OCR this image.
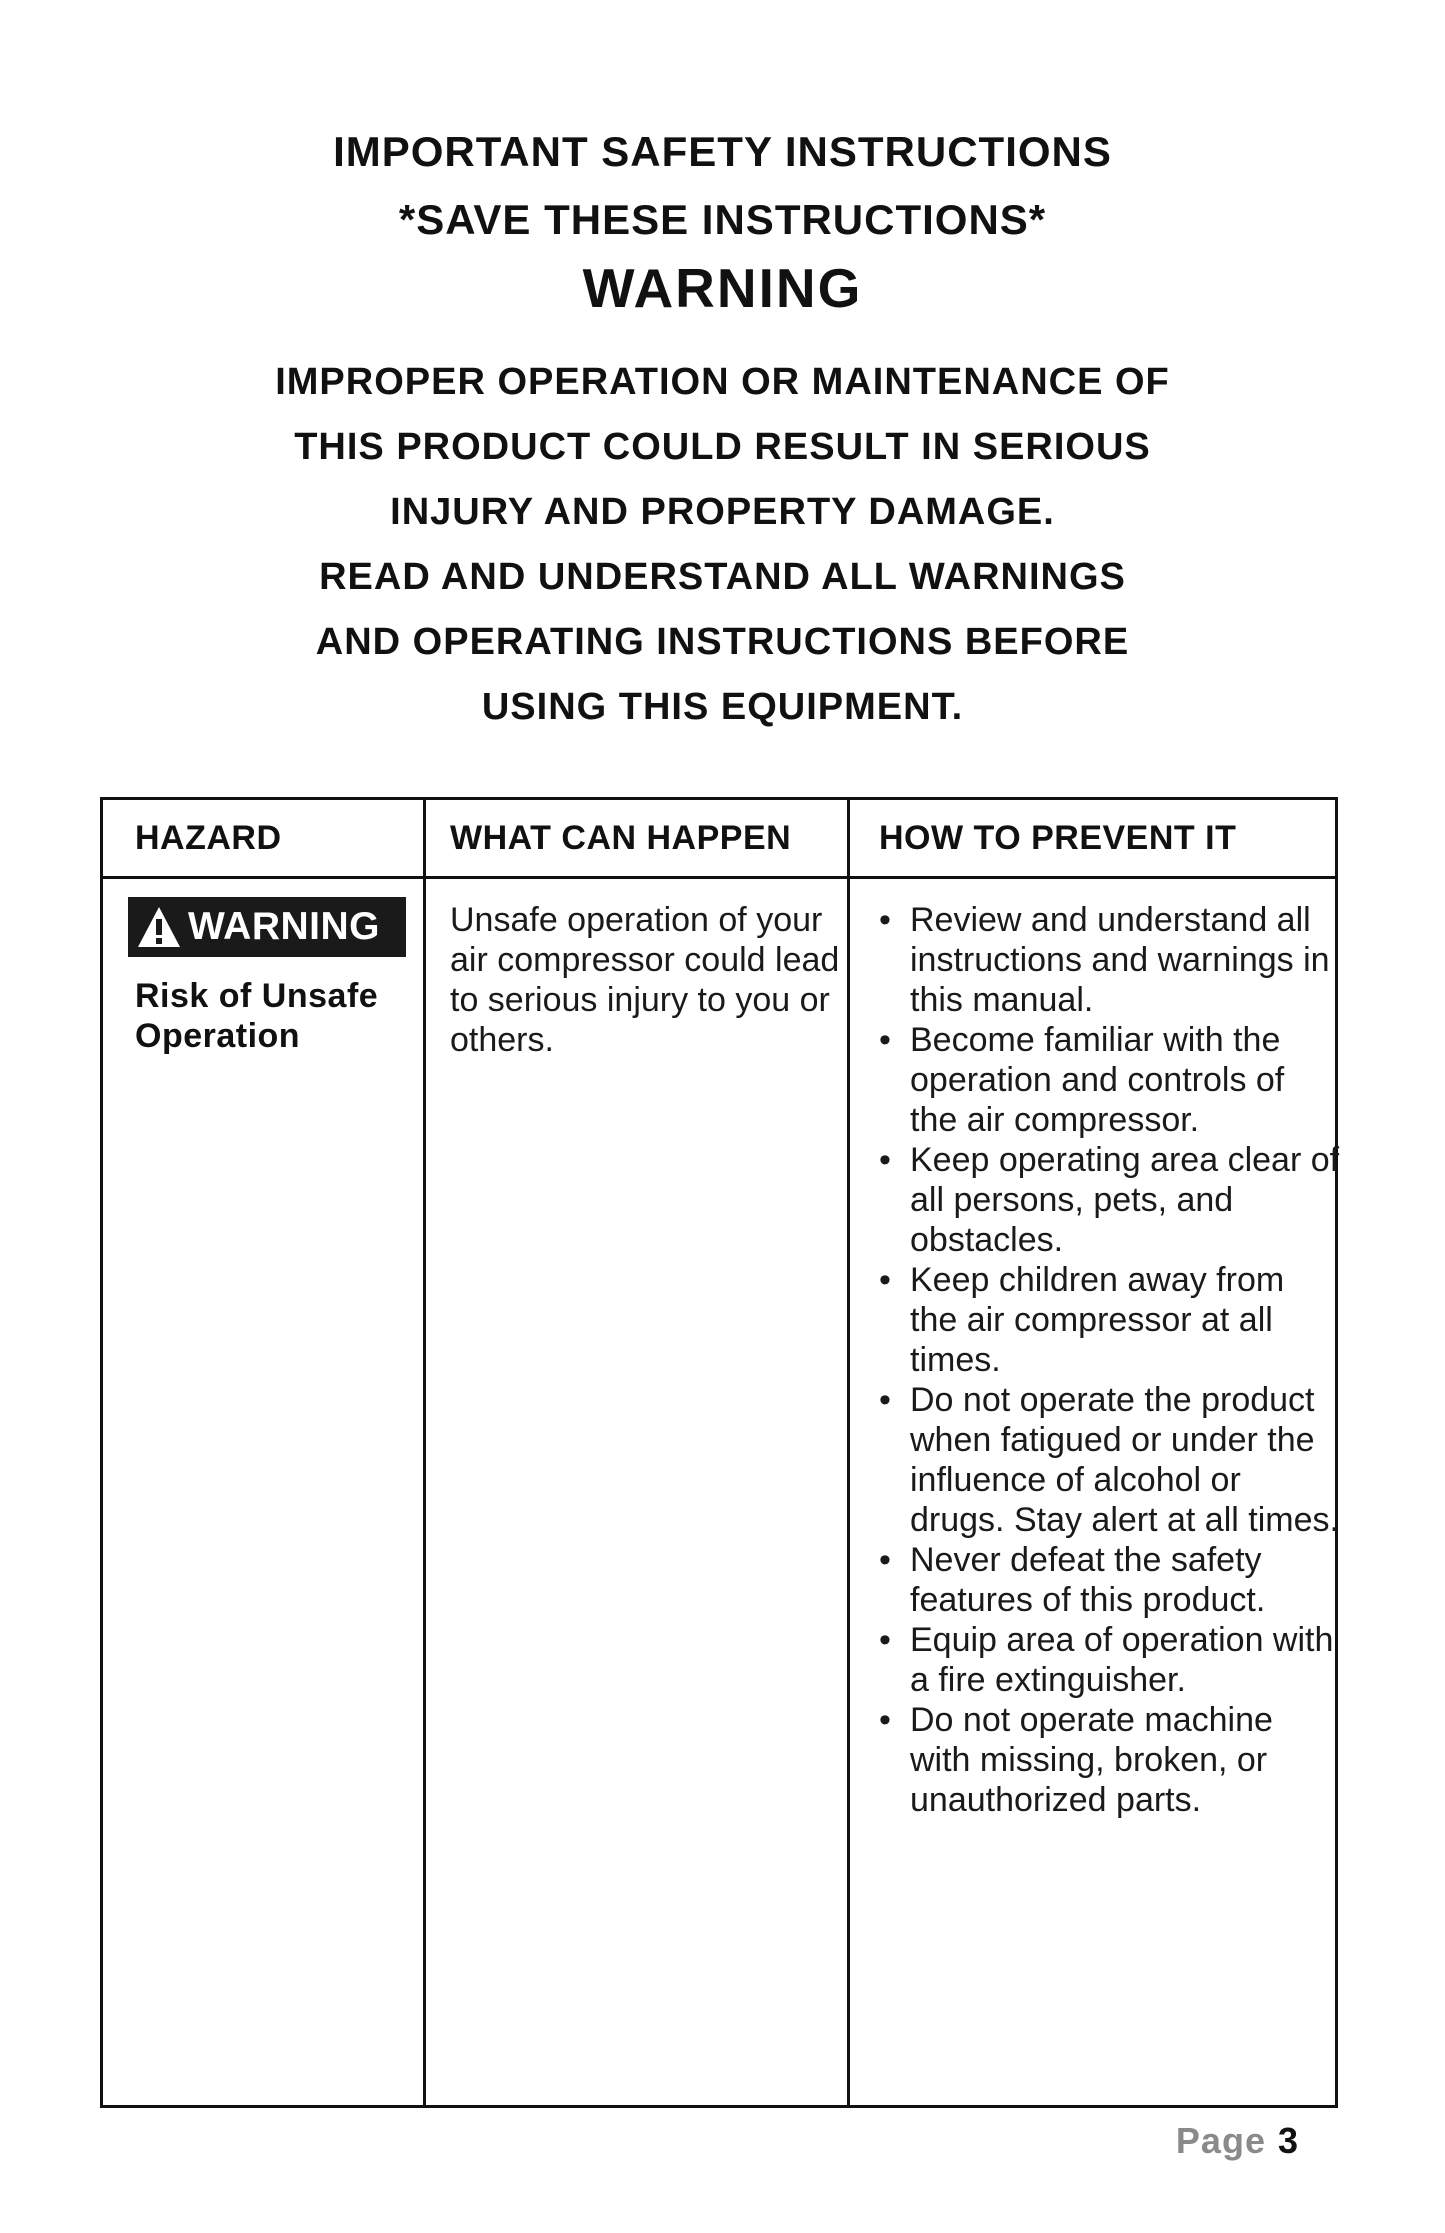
IMPORTANT SAFETY INSTRUCTIONS
*SAVE THESE INSTRUCTIONS*
WARNING
IMPROPER OPERATION OR MAINTENANCE OF
THIS PRODUCT COULD RESULT IN SERIOUS
INJURY AND PROPERTY DAMAGE.
READ AND UNDERSTAND ALL WARNINGS
AND OPERATING INSTRUCTIONS BEFORE
USING THIS EQUIPMENT.
HAZARD	WHAT CAN HAPPEN	HOW TO PREVENT IT
WARNING
Risk of Unsafe Operation
Unsafe operation of your air compressor could lead to serious injury to you or others.
• Review and understand all instructions and warnings in this manual.
• Become familiar with the operation and controls of the air compressor.
• Keep operating area clear of all persons, pets, and obstacles.
• Keep children away from the air compressor at all times.
• Do not operate the product when fatigued or under the influence of alcohol or drugs. Stay alert at all times.
• Never defeat the safety features of this product.
• Equip area of operation with a fire extinguisher.
• Do not operate machine with missing, broken, or unauthorized parts.
Page 3
